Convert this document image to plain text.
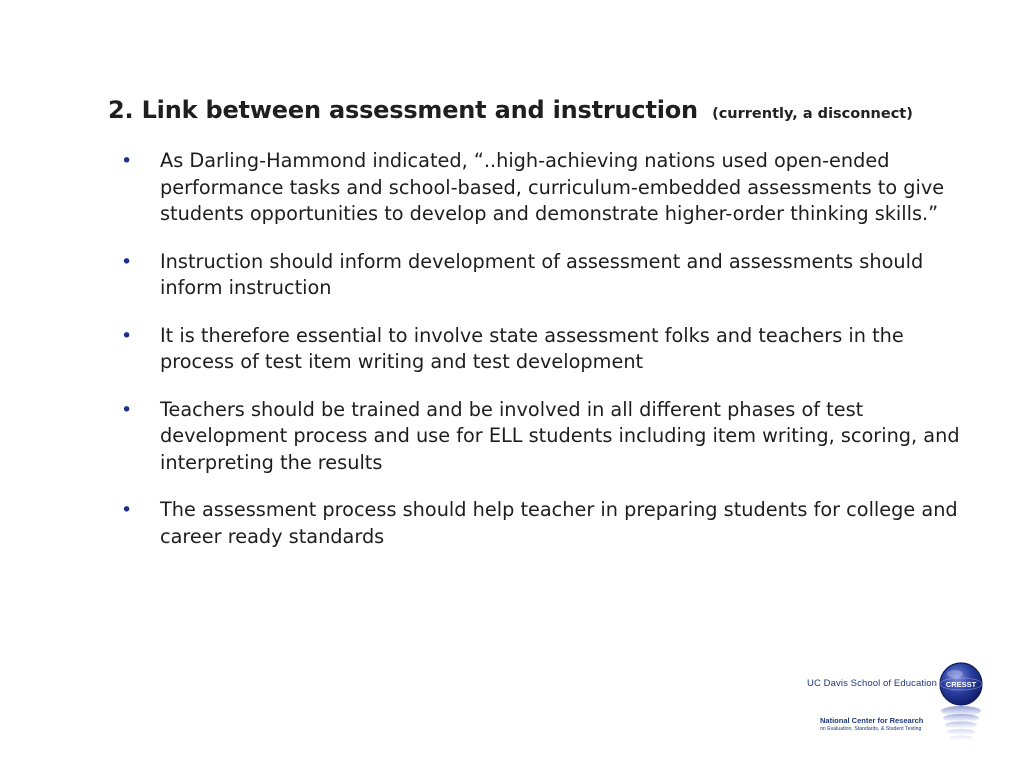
2. Link between assessment and instruction (currently, a disconnect)
• As Darling-Hammond indicated, “..high-achieving nations used open-ended performance tasks and school-based, curriculum-embedded assessments to give students opportunities to develop and demonstrate higher-order thinking skills.”
• Instruction should inform development of assessment and assessments should inform instruction
• It is therefore essential to involve state assessment folks and teachers in the process of test item writing and test development
• Teachers should be trained and be involved in all different phases of test development process and use for ELL students including item writing, scoring, and interpreting the results
• The assessment process should help teacher in preparing students for college and career ready standards
UC Davis School of Education
National Center for Research
on Evaluation, Standards, & Student Testing
CRESST
